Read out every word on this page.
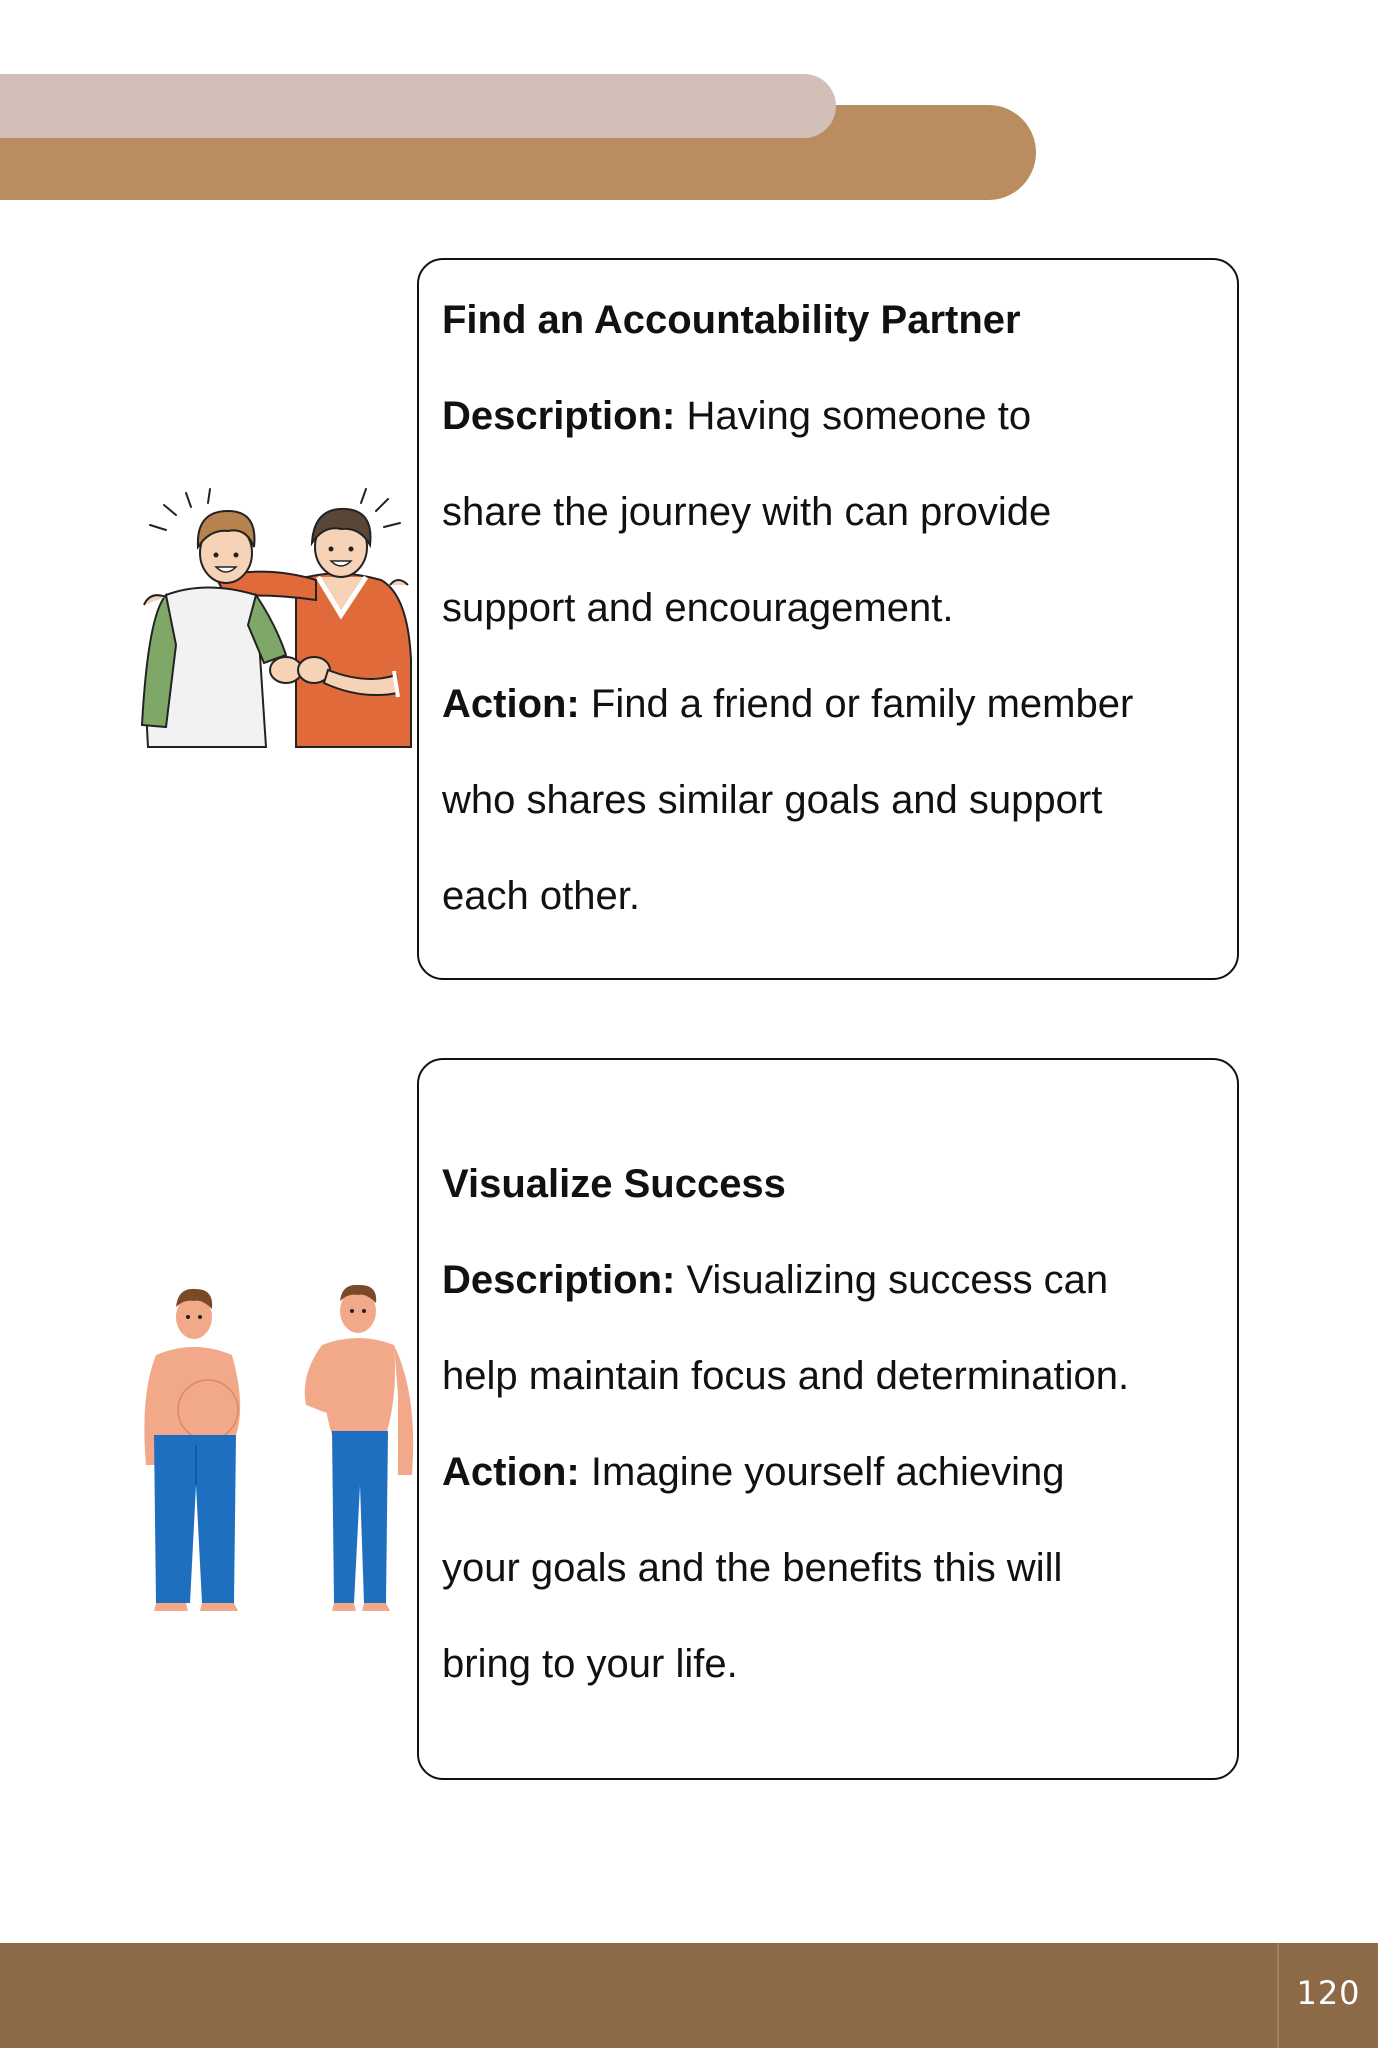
Find an Accountability Partner
Description: Having someone to
share the journey with can provide
support and encouragement.
Action: Find a friend or family member
who shares similar goals and support
each other.
Visualize Success
Description: Visualizing success can
help maintain focus and determination.
Action: Imagine yourself achieving
your goals and the benefits this will
bring to your life.
120
